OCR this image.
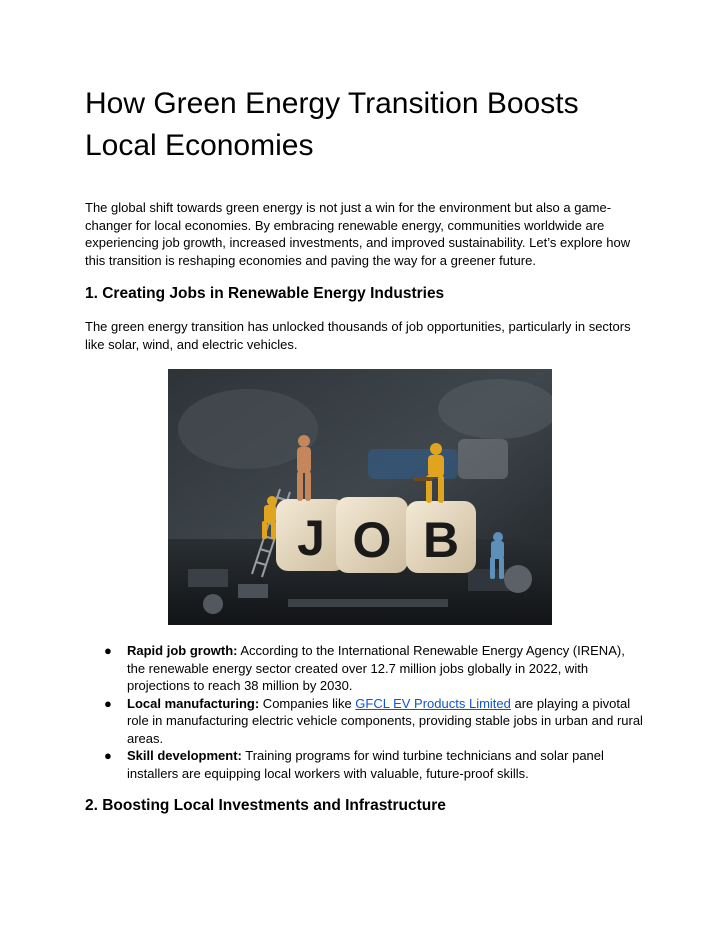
How Green Energy Transition Boosts Local Economies

The global shift towards green energy is not just a win for the environment but also a game-changer for local economies. By embracing renewable energy, communities worldwide are experiencing job growth, increased investments, and improved sustainability. Let’s explore how this transition is reshaping economies and paving the way for a greener future.

1. Creating Jobs in Renewable Energy Industries

The green energy transition has unlocked thousands of job opportunities, particularly in sectors like solar, wind, and electric vehicles.

J O B
● Rapid job growth: According to the International Renewable Energy Agency (IRENA), the renewable energy sector created over 12.7 million jobs globally in 2022, with projections to reach 38 million by 2030.
● Local manufacturing: Companies like GFCL EV Products Limited are playing a pivotal role in manufacturing electric vehicle components, providing stable jobs in urban and rural areas.
● Skill development: Training programs for wind turbine technicians and solar panel installers are equipping local workers with valuable, future-proof skills.
2. Boosting Local Investments and Infrastructure
